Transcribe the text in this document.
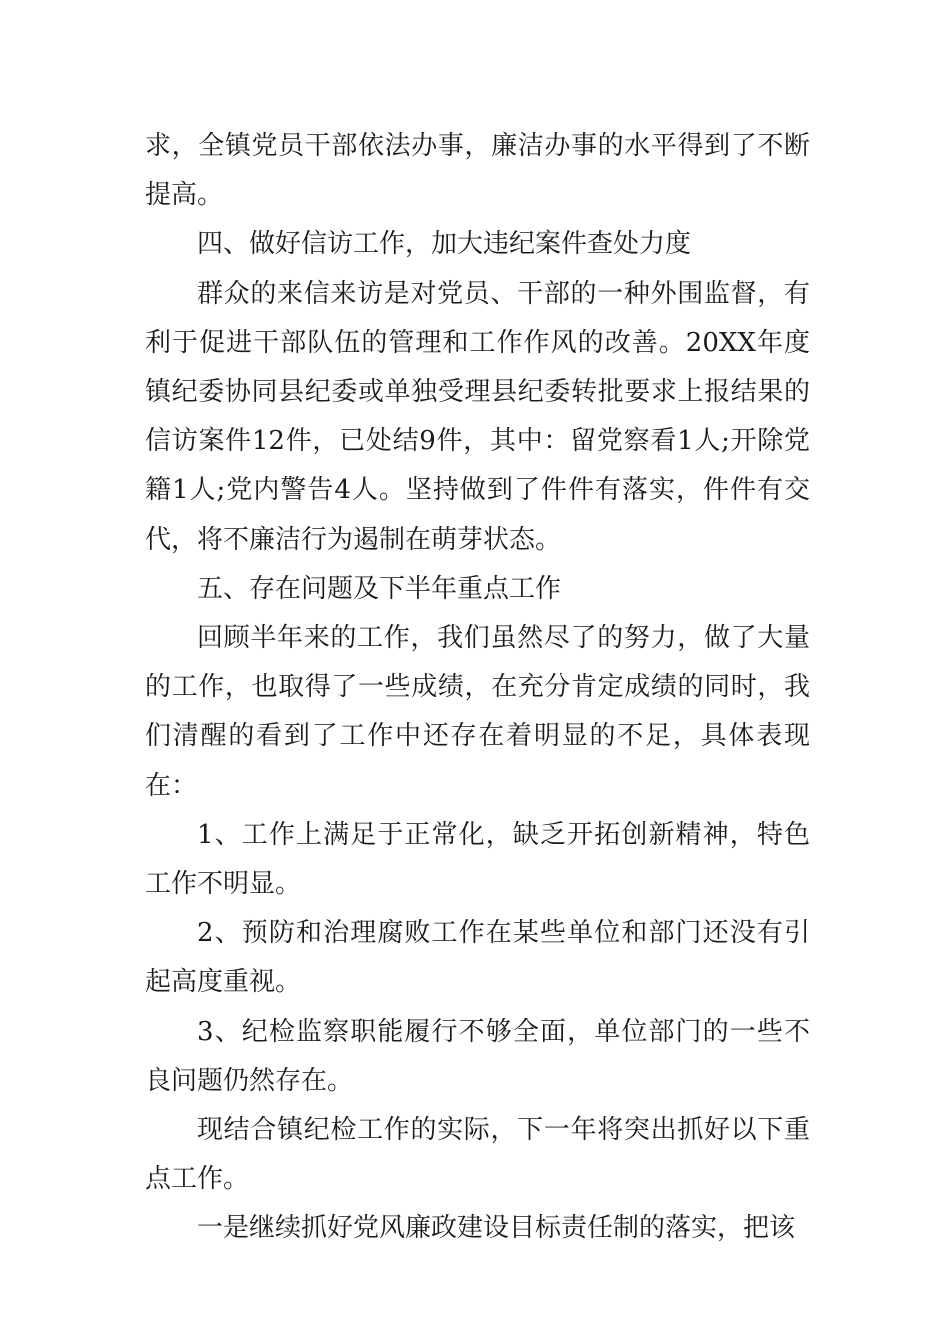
求，全镇党员干部依法办事，廉洁办事的水平得到了不断提高。

四、做好信访工作，加大违纪案件查处力度

群众的来信来访是对党员、干部的一种外围监督，有利于促进干部队伍的管理和工作作风的改善。20XX年度镇纪委协同县纪委或单独受理县纪委转批要求上报结果的信访案件12件，已处结9件，其中：留党察看1人;开除党籍1人;党内警告4人。坚持做到了件件有落实，件件有交代，将不廉洁行为遏制在萌芽状态。

五、存在问题及下半年重点工作

回顾半年来的工作，我们虽然尽了的努力，做了大量的工作，也取得了一些成绩，在充分肯定成绩的同时，我们清醒的看到了工作中还存在着明显的不足，具体表现在：

1、工作上满足于正常化，缺乏开拓创新精神，特色工作不明显。

2、预防和治理腐败工作在某些单位和部门还没有引起高度重视。

3、纪检监察职能履行不够全面，单位部门的一些不良问题仍然存在。

现结合镇纪检工作的实际，下一年将突出抓好以下重点工作。

一是继续抓好党风廉政建设目标责任制的落实，把该
